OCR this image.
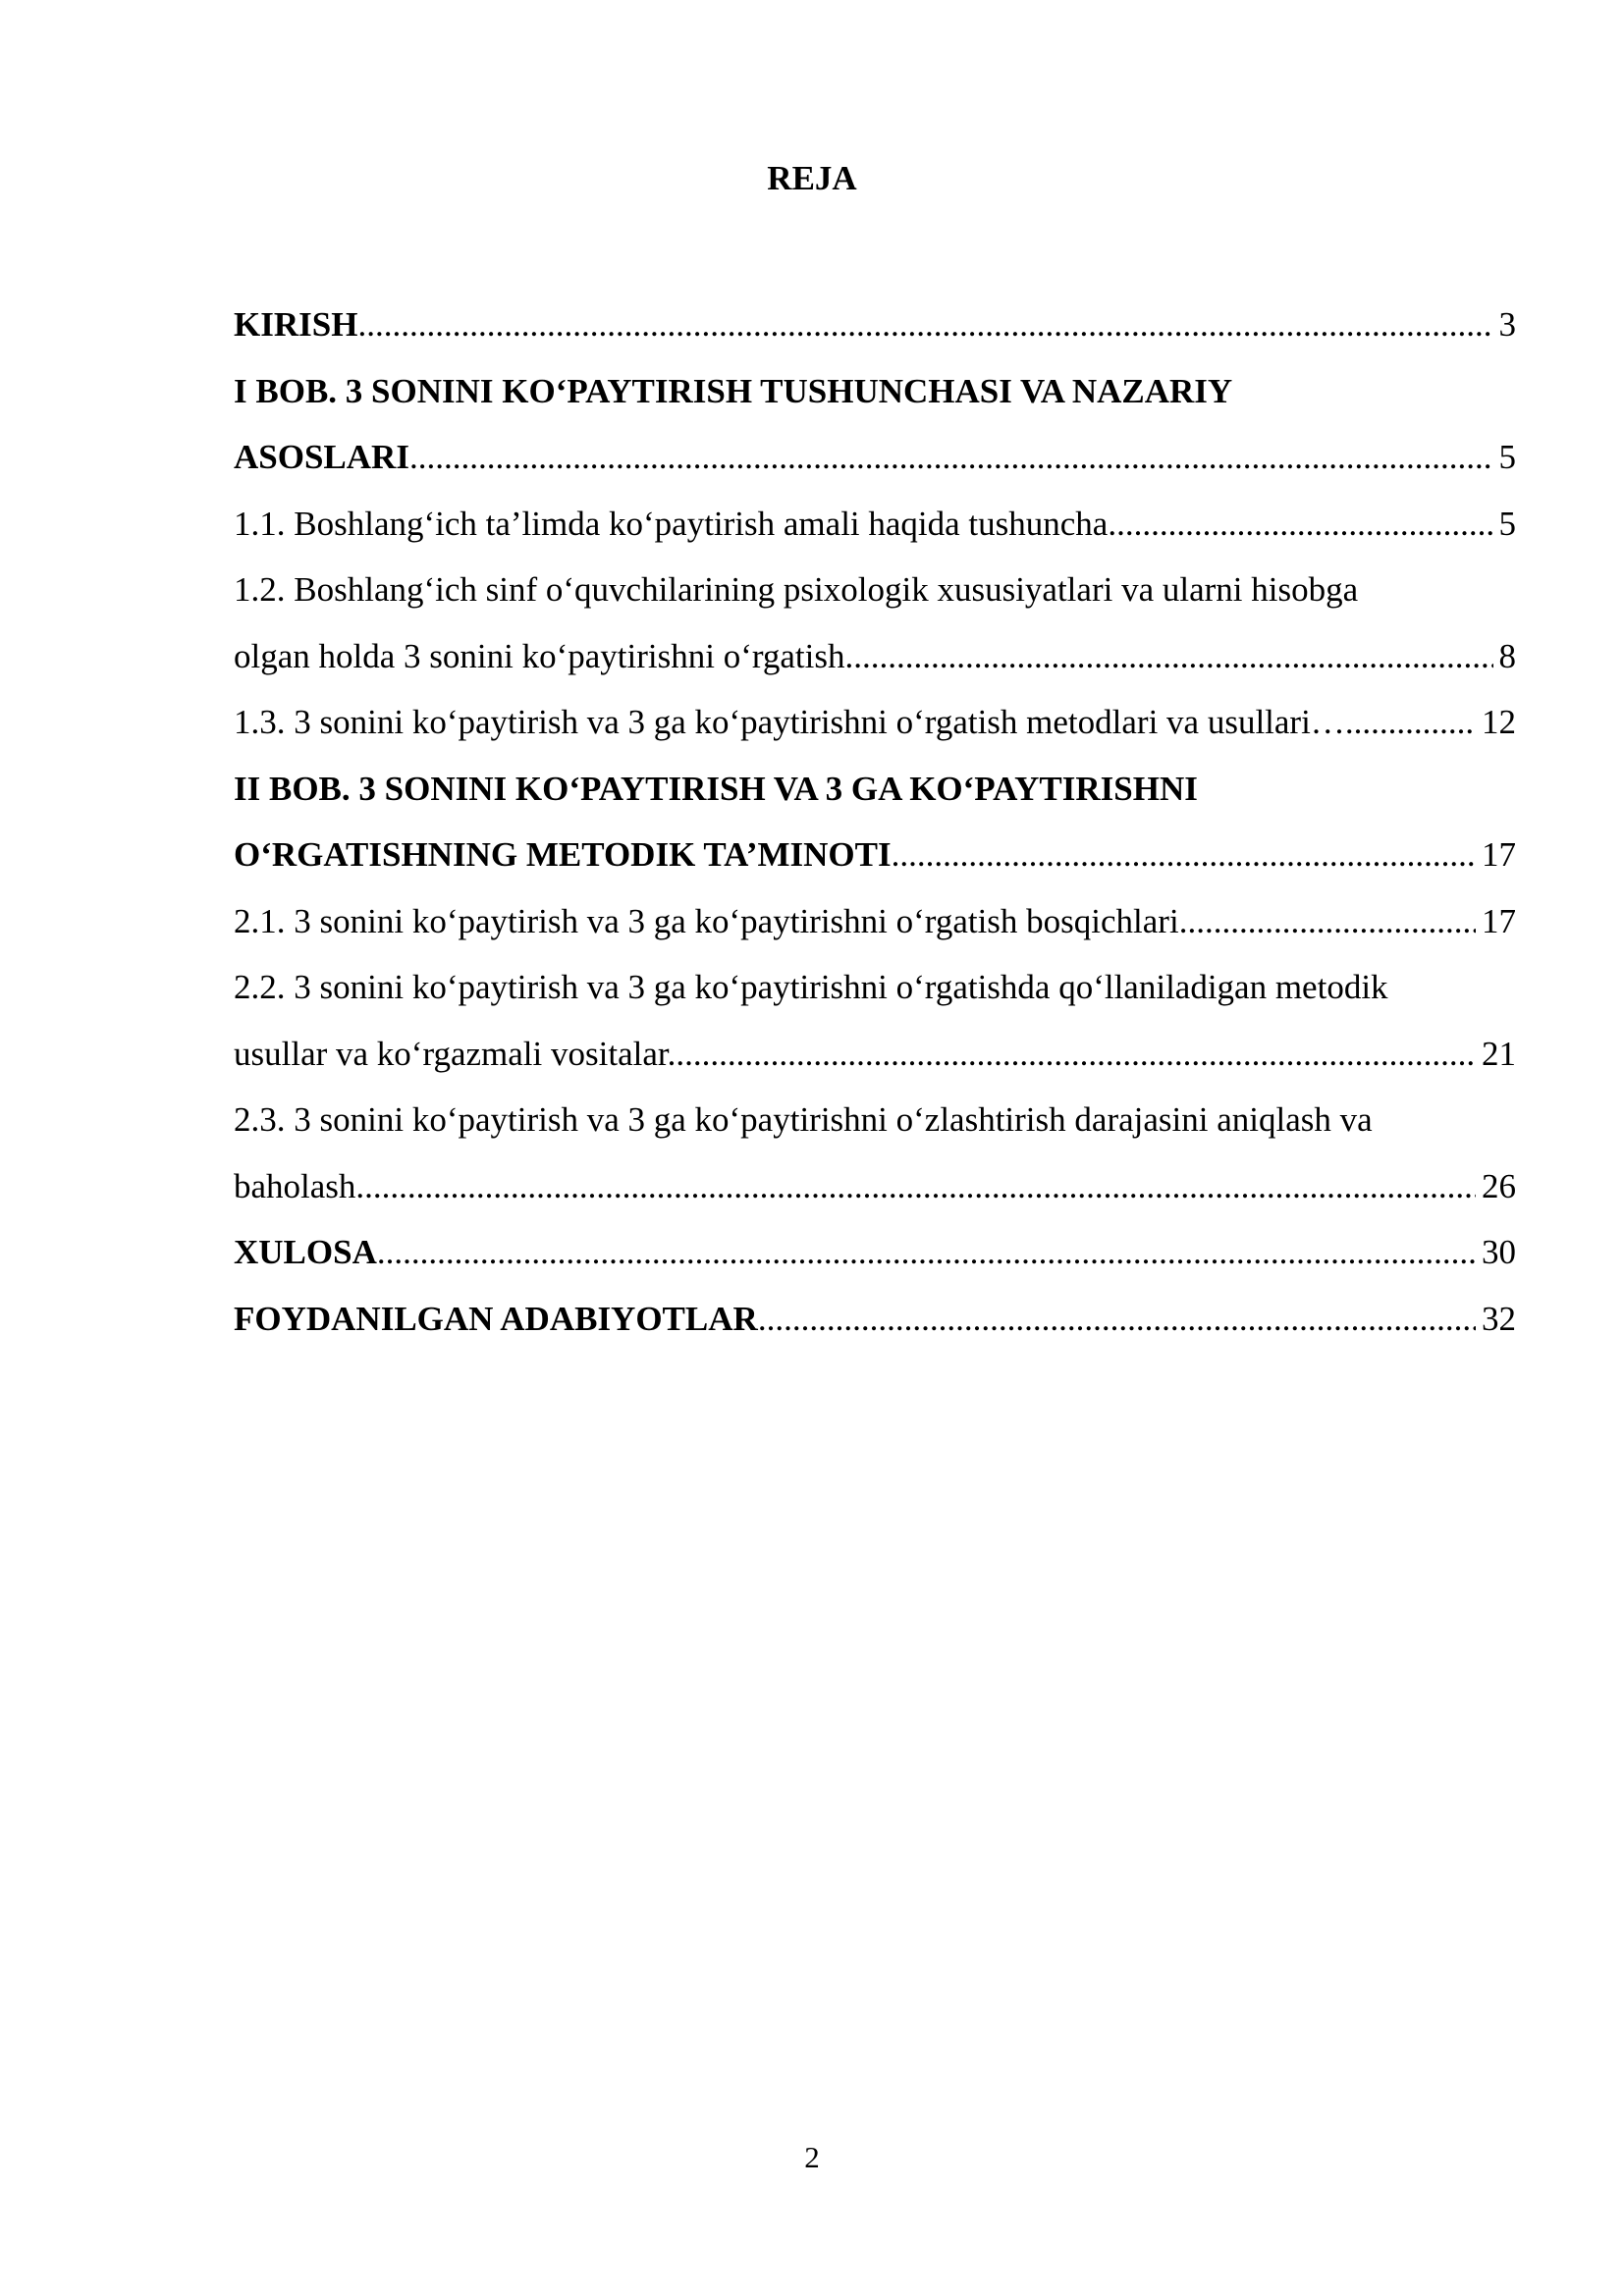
REJA
KIRISH .....	3
I BOB. 3 SONINI KO‘PAYTIRISH TUSHUNCHASI VA NAZARIY
ASOSLARI .....	5
1.1. Boshlang‘ich ta’limda ko‘paytirish amali haqida tushuncha. .....	5
1.2. Boshlang‘ich sinf o‘quvchilarining psixologik xususiyatlari va ularni hisobga
olgan holda 3 sonini ko‘paytirishni o‘rgatish. .....	8
1.3. 3 sonini ko‘paytirish va 3 ga ko‘paytirishni o‘rgatish metodlari va usullari… .....	12
II BOB. 3 SONINI KO‘PAYTIRISH VA 3 GA KO‘PAYTIRISHNI
O‘RGATISHNING METODIK TA’MINOTI .....	17
2.1. 3 sonini ko‘paytirish va 3 ga ko‘paytirishni o‘rgatish bosqichlari. .....	17
2.2. 3 sonini ko‘paytirish va 3 ga ko‘paytirishni o‘rgatishda qo‘llaniladigan metodik
usullar va ko‘rgazmali vositalar. .....	21
2.3. 3 sonini ko‘paytirish va 3 ga ko‘paytirishni o‘zlashtirish darajasini aniqlash va
baholash. .....	26
XULOSA .....	30
FOYDANILGAN ADABIYOTLAR .....	32
2
